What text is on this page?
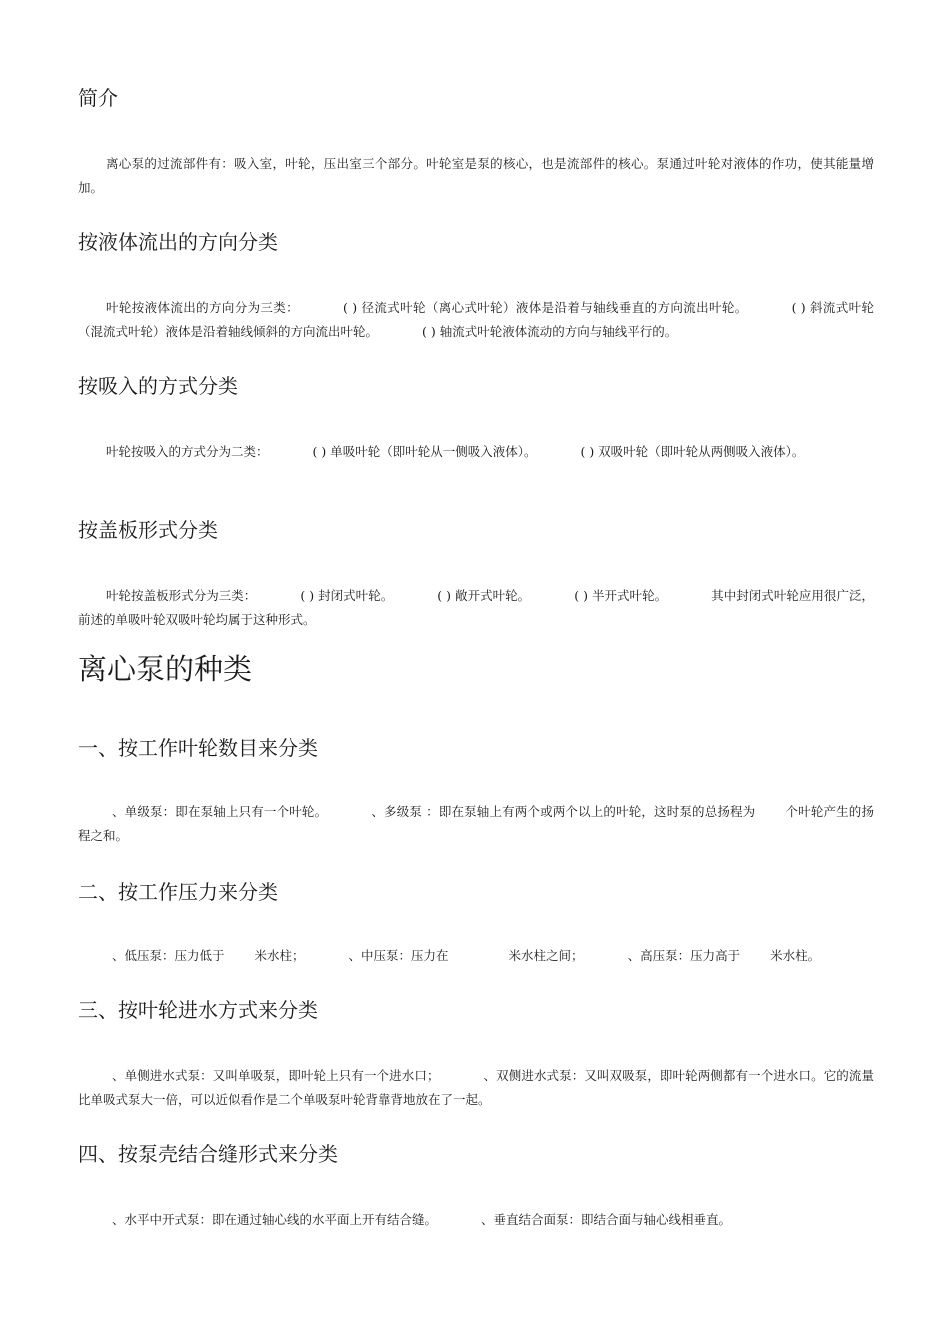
简介
离心泵的过流部件有：吸入室，叶轮，压出室三个部分。叶轮室是泵的核心，也是流部件的核心。泵通过叶轮对液体的作功，使其能量增加。
按液体流出的方向分类
叶轮按液体流出的方向分为三类：	( ) 径流式叶轮（离心式叶轮）液体是沿着与轴线垂直的方向流出叶轮。	( ) 斜流式叶轮（混流式叶轮）液体是沿着轴线倾斜的方向流出叶轮。	( ) 轴流式叶轮液体流动的方向与轴线平行的。
按吸入的方式分类
叶轮按吸入的方式分为二类：	( ) 单吸叶轮（即叶轮从一侧吸入液体）。	( ) 双吸叶轮（即叶轮从两侧吸入液体）。
按盖板形式分类
叶轮按盖板形式分为三类：	( ) 封闭式叶轮。	( ) 敞开式叶轮。	( ) 半开式叶轮。	其中封闭式叶轮应用很广泛，前述的单吸叶轮双吸叶轮均属于这种形式。
离心泵的种类
一、按工作叶轮数目来分类
、单级泵：即在泵轴上只有一个叶轮。	、多级泵 ：即在泵轴上有两个或两个以上的叶轮，这时泵的总扬程为 个叶轮产生的扬程之和。
二、按工作压力来分类
、低压泵：压力低于 米水柱；	、中压泵：压力在	米水柱之间；	、高压泵：压力高于 米水柱。
三、按叶轮进水方式来分类
、单侧进水式泵：又叫单吸泵，即叶轮上只有一个进水口；	、双侧进水式泵：又叫双吸泵，即叶轮两侧都有一个进水口。它的流量比单吸式泵大一倍，可以近似看作是二个单吸泵叶轮背靠背地放在了一起。
四、按泵壳结合缝形式来分类
、水平中开式泵：即在通过轴心线的水平面上开有结合缝。	、垂直结合面泵：即结合面与轴心线相垂直。
